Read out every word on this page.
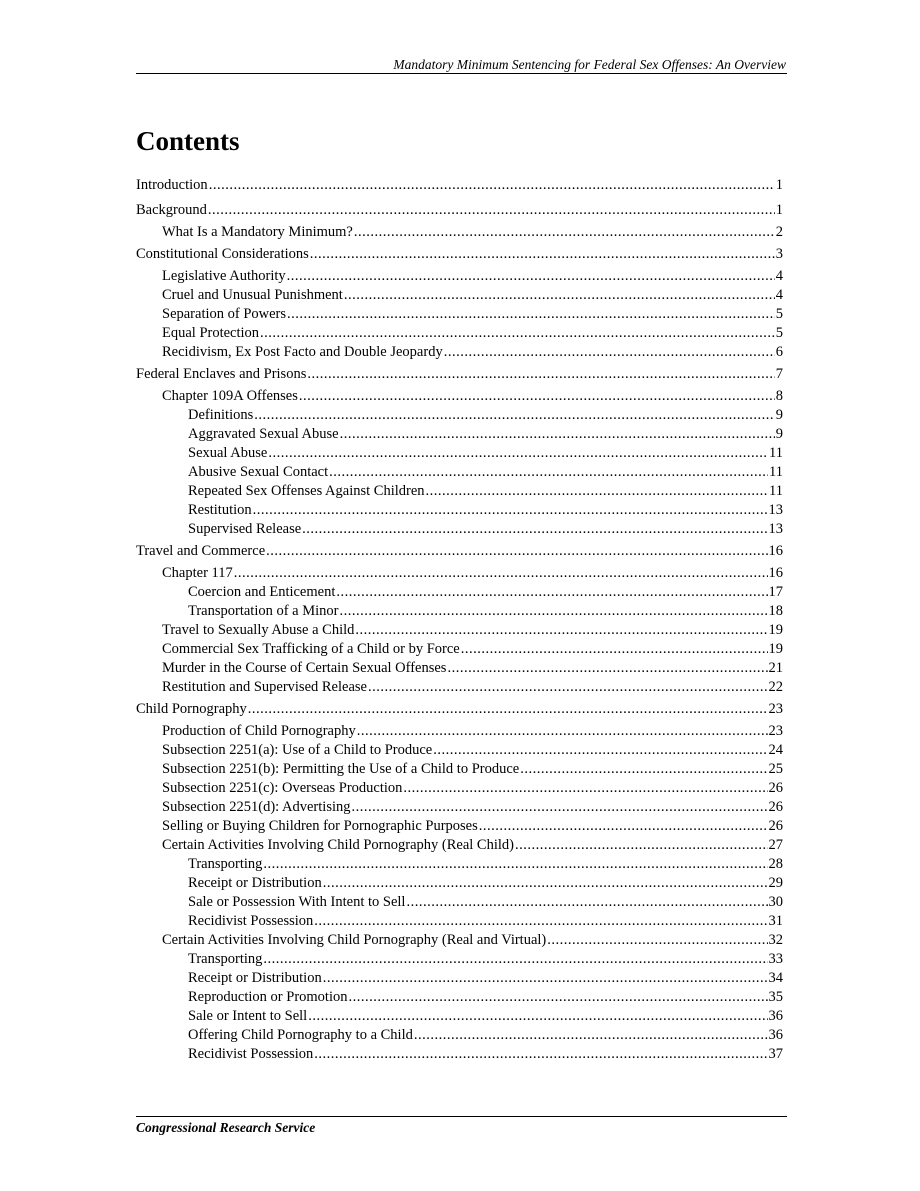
Mandatory Minimum Sentencing for Federal Sex Offenses: An Overview
Contents
Introduction .....	1
Background .....	1
What Is a Mandatory Minimum? .....	2
Constitutional Considerations .....	3
Legislative Authority .....	4
Cruel and Unusual Punishment .....	4
Separation of Powers .....	5
Equal Protection .....	5
Recidivism, Ex Post Facto and Double Jeopardy .....	6
Federal Enclaves and Prisons .....	7
Chapter 109A Offenses .....	8
Definitions .....	9
Aggravated Sexual Abuse .....	9
Sexual Abuse .....	11
Abusive Sexual Contact .....	11
Repeated Sex Offenses Against Children .....	11
Restitution .....	13
Supervised Release .....	13
Travel and Commerce .....	16
Chapter 117 .....	16
Coercion and Enticement .....	17
Transportation of a Minor .....	18
Travel to Sexually Abuse a Child .....	19
Commercial Sex Trafficking of a Child or by Force .....	19
Murder in the Course of Certain Sexual Offenses .....	21
Restitution and Supervised Release .....	22
Child Pornography .....	23
Production of Child Pornography .....	23
Subsection 2251(a): Use of a Child to Produce .....	24
Subsection 2251(b): Permitting the Use of a Child to Produce .....	25
Subsection 2251(c): Overseas Production .....	26
Subsection 2251(d): Advertising .....	26
Selling or Buying Children for Pornographic Purposes .....	26
Certain Activities Involving Child Pornography (Real Child) .....	27
Transporting .....	28
Receipt or Distribution .....	29
Sale or Possession With Intent to Sell .....	30
Recidivist Possession .....	31
Certain Activities Involving Child Pornography (Real and Virtual) .....	32
Transporting .....	33
Receipt or Distribution .....	34
Reproduction or Promotion .....	35
Sale or Intent to Sell .....	36
Offering Child Pornography to a Child .....	36
Recidivist Possession .....	37
Congressional Research Service
